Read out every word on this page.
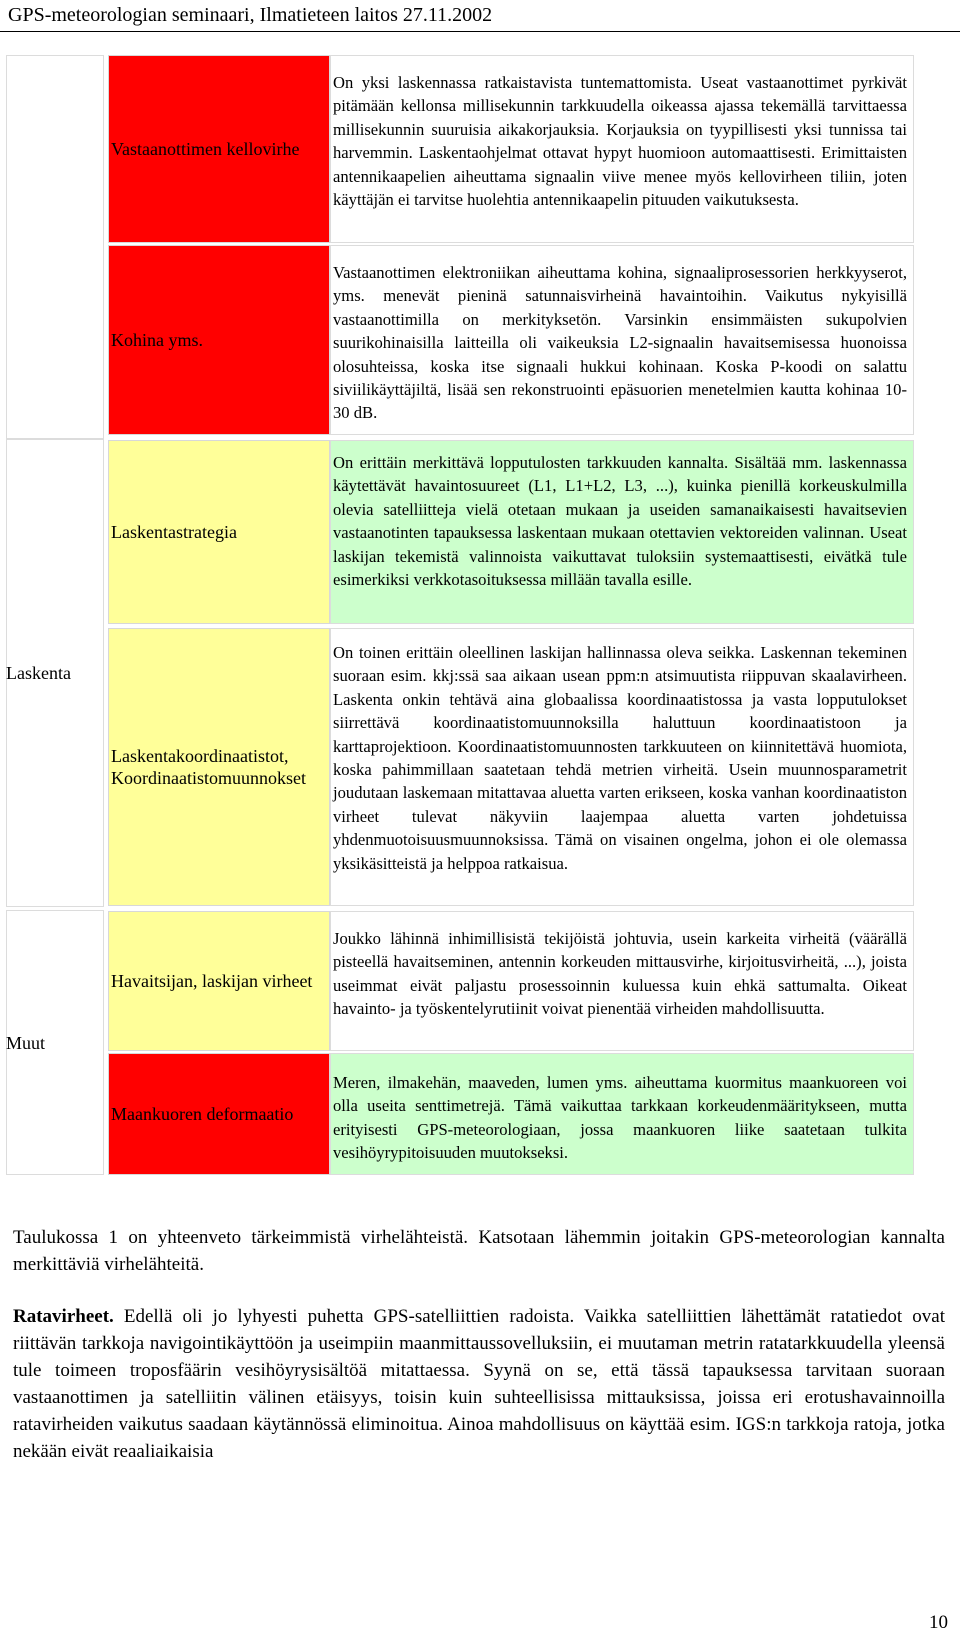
GPS-meteorologian seminaari, Ilmatieteen laitos 27.11.2002
Laskenta
Muut
Vastaanottimen kellovirhe
On yksi laskennassa ratkaistavista tuntemattomista. Useat vastaanottimet pyrkivät pitämään kellonsa millisekunnin tarkkuudella oikeassa ajassa tekemällä tarvittaessa millisekunnin suuruisia aikakorjauksia. Korjauksia on tyypillisesti yksi tunnissa tai harvemmin. Laskentaohjelmat ottavat hypyt huomioon automaattisesti. Erimittaisten antennikaapelien aiheuttama signaalin viive menee myös kellovirheen tiliin, joten käyttäjän ei tarvitse huolehtia antennikaapelin pituuden vaikutuksesta.
Kohina yms.
Vastaanottimen elektroniikan aiheuttama kohina, signaaliprosessorien herkkyyserot, yms. menevät pieninä satunnaisvirheinä havaintoihin. Vaikutus nykyisillä vastaanottimilla on merkityksetön. Varsinkin ensimmäisten sukupolvien suurikohinaisilla laitteilla oli vaikeuksia L2-signaalin havaitsemisessa huonoissa olosuhteissa, koska itse signaali hukkui kohinaan. Koska P-koodi on salattu siviilikäyttäjiltä, lisää sen rekonstruointi epäsuorien menetelmien kautta kohinaa 10-30 dB.
Laskentastrategia
On erittäin merkittävä lopputulosten tarkkuuden kannalta. Sisältää mm. laskennassa käytettävät havaintosuureet (L1, L1+L2, L3, ...), kuinka pienillä korkeuskulmilla olevia satelliitteja vielä otetaan mukaan ja useiden samanaikaisesti havaitsevien vastaanotinten tapauksessa laskentaan mukaan otettavien vektoreiden valinnan. Useat laskijan tekemistä valinnoista vaikuttavat tuloksiin systemaattisesti, eivätkä tule esimerkiksi verkkotasoituksessa millään tavalla esille.
Laskentakoordinaatistot, Koordinaatistomuunnokset
On toinen erittäin oleellinen laskijan hallinnassa oleva seikka. Laskennan tekeminen suoraan esim. kkj:ssä saa aikaan usean ppm:n atsimuutista riippuvan skaalavirheen. Laskenta onkin tehtävä aina globaalissa koordinaatistossa ja vasta lopputulokset siirrettävä koordinaatistomuunnoksilla haluttuun koordinaatistoon ja karttaprojektioon. Koordinaatistomuunnosten tarkkuuteen on kiinnitettävä huomiota, koska pahimmillaan saatetaan tehdä metrien virheitä. Usein muunnosparametrit joudutaan laskemaan mitattavaa aluetta varten erikseen, koska vanhan koordinaatiston virheet tulevat näkyviin laajempaa aluetta varten johdetuissa yhdenmuotoisuusmuunnoksissa. Tämä on visainen ongelma, johon ei ole olemassa yksikäsitteistä ja helppoa ratkaisua.
Havaitsijan, laskijan virheet
Joukko lähinnä inhimillisistä tekijöistä johtuvia, usein karkeita virheitä (väärällä pisteellä havaitseminen, antennin korkeuden mittausvirhe, kirjoitusvirheitä, ...), joista useimmat eivät paljastu prosessoinnin kuluessa kuin ehkä sattumalta. Oikeat havainto- ja työskentelyrutiinit voivat pienentää virheiden mahdollisuutta.
Maankuoren deformaatio
Meren, ilmakehän, maaveden, lumen yms. aiheuttama kuormitus maankuoreen voi olla useita senttimetrejä. Tämä vaikuttaa tarkkaan korkeudenmääritykseen, mutta erityisesti GPS-meteorologiaan, jossa maankuoren liike saatetaan tulkita vesihöyrypitoisuuden muutokseksi.
Taulukossa 1 on yhteenveto tärkeimmistä virhelähteistä. Katsotaan lähemmin joitakin GPS-meteorologian kannalta merkittäviä virhelähteitä.
Ratavirheet. Edellä oli jo lyhyesti puhetta GPS-satelliittien radoista. Vaikka satelliittien lähettämät ratatiedot ovat riittävän tarkkoja navigointikäyttöön ja useimpiin maanmittaussovelluksiin, ei muutaman metrin ratatarkkuudella yleensä tule toimeen troposfäärin vesihöyrysisältöä mitattaessa. Syynä on se, että tässä tapauksessa tarvitaan suoraan vastaanottimen ja satelliitin välinen etäisyys, toisin kuin suhteellisissa mittauksissa, joissa eri erotushavainnoilla ratavirheiden vaikutus saadaan käytännössä eliminoitua. Ainoa mahdollisuus on käyttää esim. IGS:n tarkkoja ratoja, jotka nekään eivät reaaliaikaisia
10
